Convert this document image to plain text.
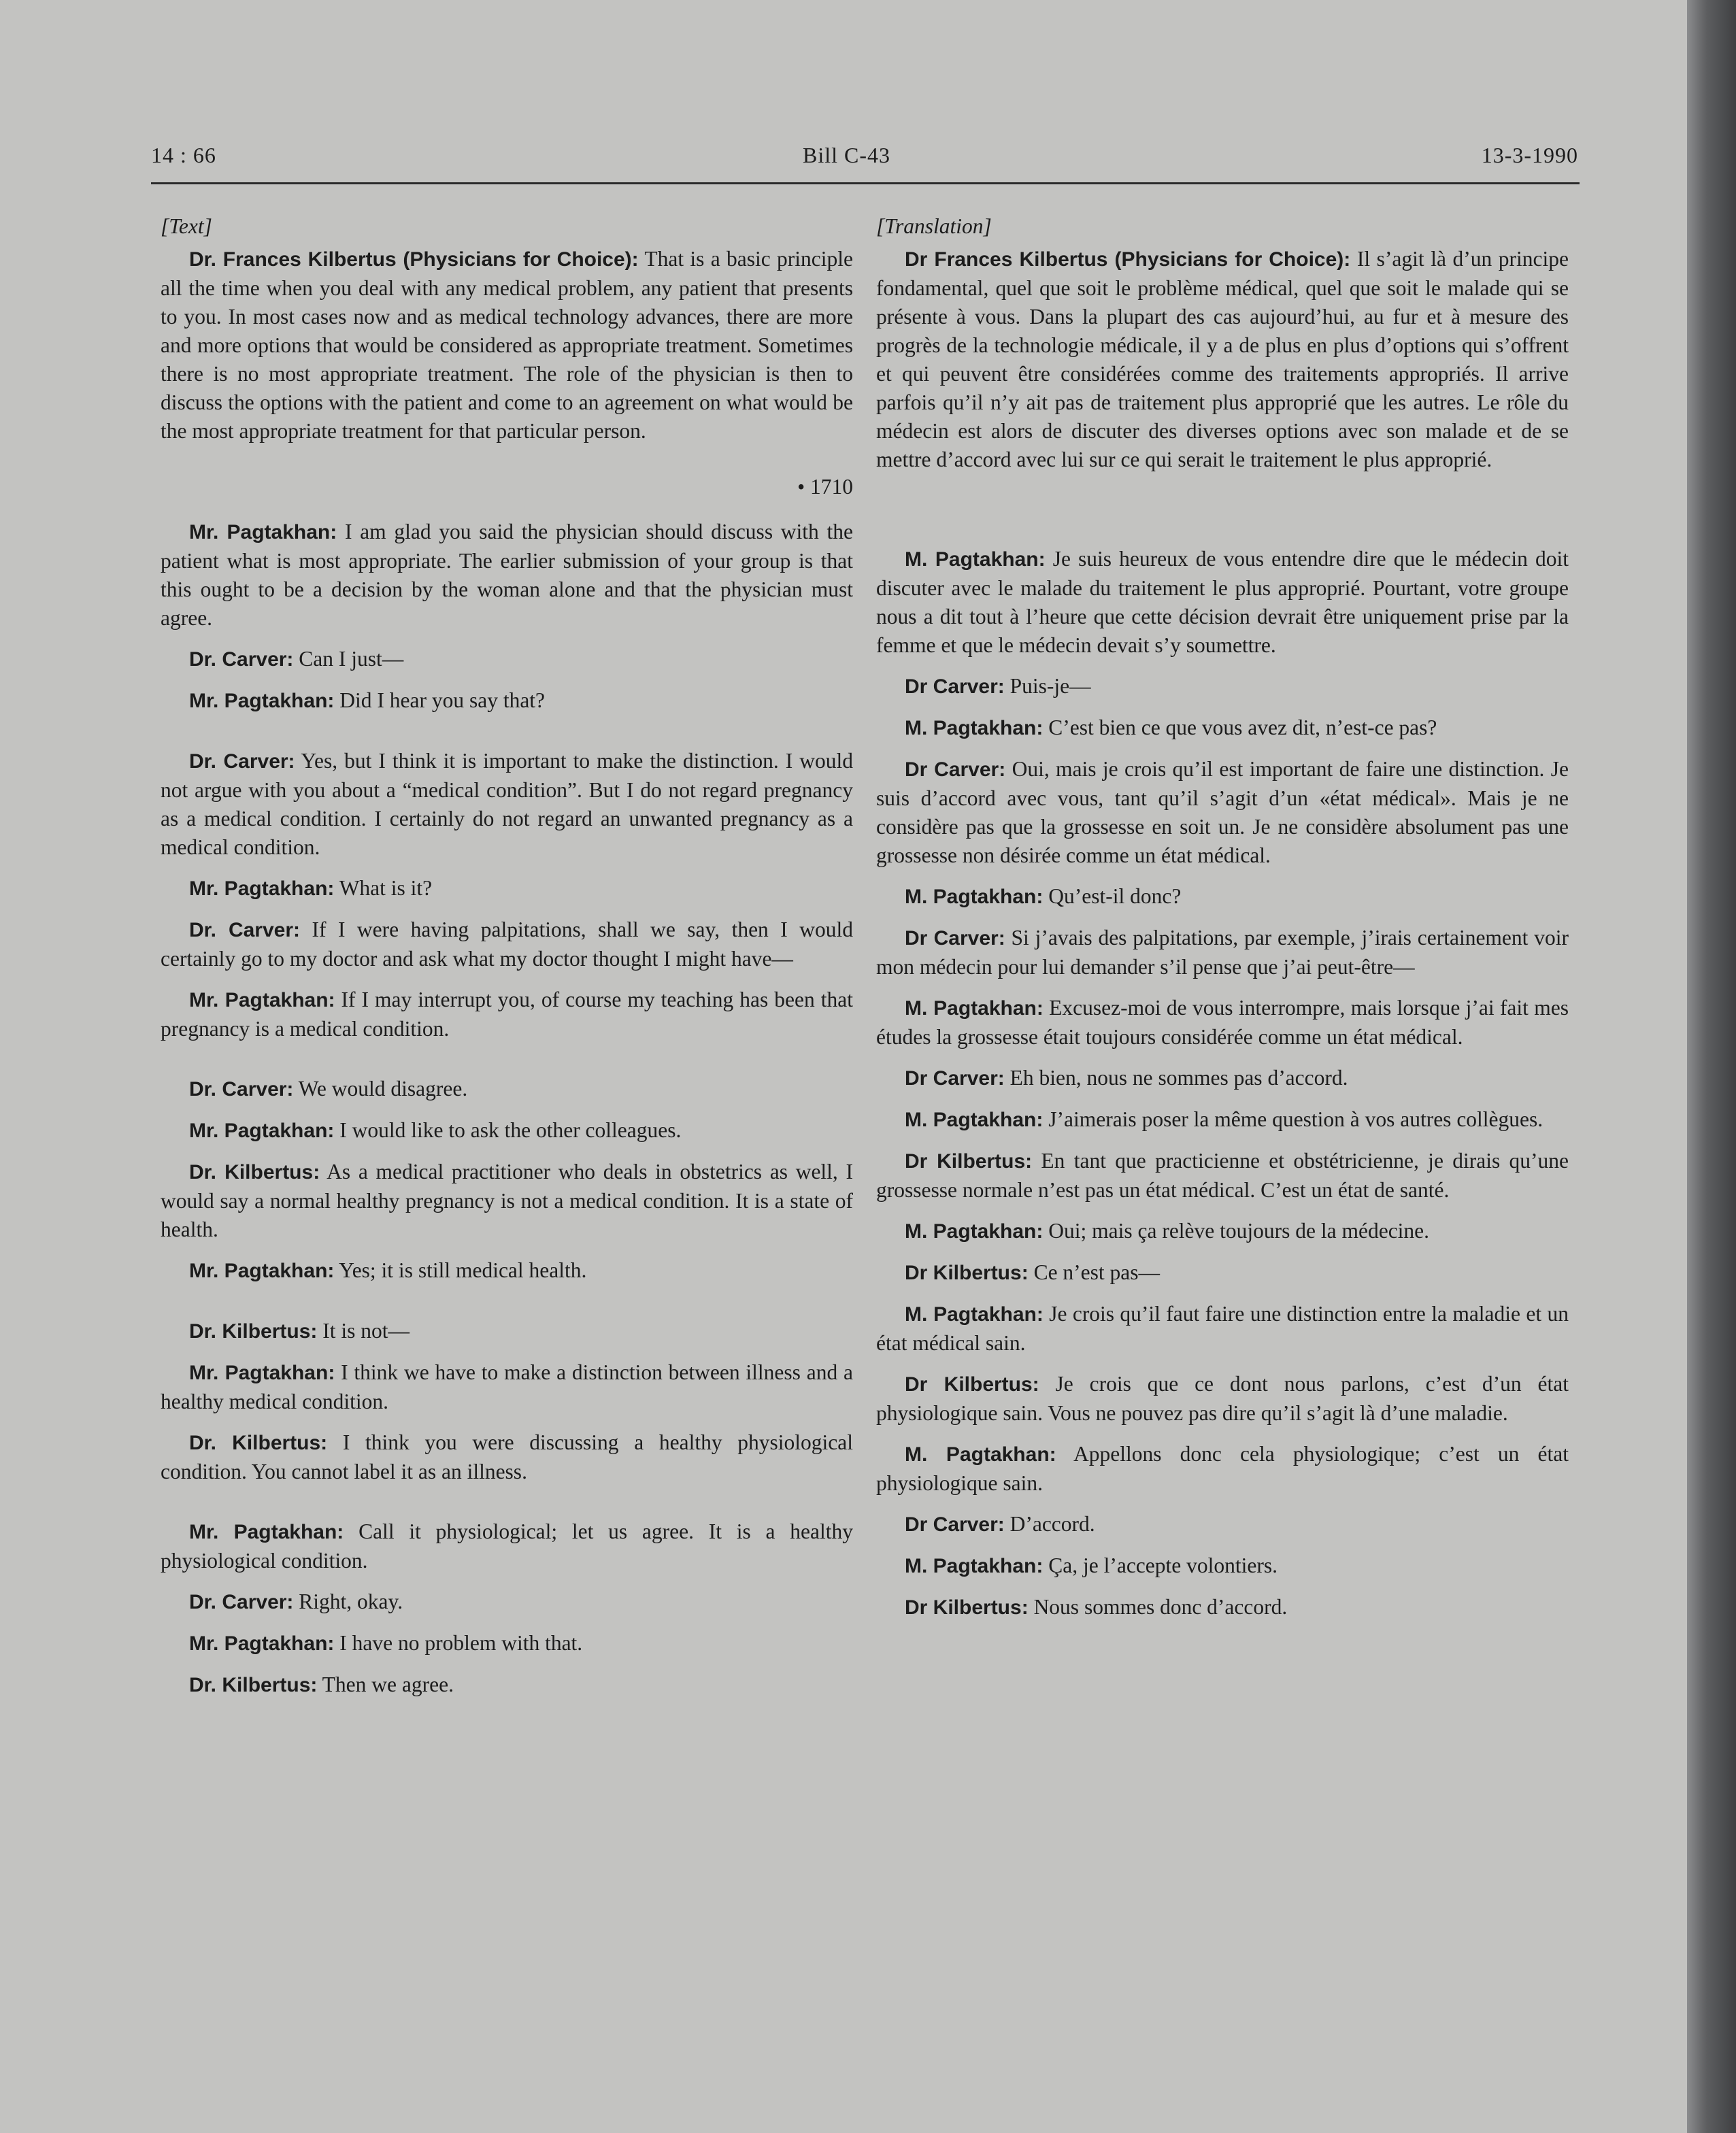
14 : 66	Bill C-43	13-3-1990
[Text]

Dr. Frances Kilbertus (Physicians for Choice): That is a basic principle all the time when you deal with any medical problem, any patient that presents to you. In most cases now and as medical technology advances, there are more and more options that would be considered as appropriate treatment. Sometimes there is no most appropriate treatment. The role of the physician is then to discuss the options with the patient and come to an agreement on what would be the most appropriate treatment for that particular person.

• 1710

Mr. Pagtakhan: I am glad you said the physician should discuss with the patient what is most appropriate. The earlier submission of your group is that this ought to be a decision by the woman alone and that the physician must agree.

Dr. Carver: Can I just—

Mr. Pagtakhan: Did I hear you say that?

Dr. Carver: Yes, but I think it is important to make the distinction. I would not argue with you about a “medical condition”. But I do not regard pregnancy as a medical condition. I certainly do not regard an unwanted pregnancy as a medical condition.

Mr. Pagtakhan: What is it?

Dr. Carver: If I were having palpitations, shall we say, then I would certainly go to my doctor and ask what my doctor thought I might have—

Mr. Pagtakhan: If I may interrupt you, of course my teaching has been that pregnancy is a medical condition.

Dr. Carver: We would disagree.

Mr. Pagtakhan: I would like to ask the other colleagues.

Dr. Kilbertus: As a medical practitioner who deals in obstetrics as well, I would say a normal healthy pregnancy is not a medical condition. It is a state of health.

Mr. Pagtakhan: Yes; it is still medical health.

Dr. Kilbertus: It is not—

Mr. Pagtakhan: I think we have to make a distinction between illness and a healthy medical condition.

Dr. Kilbertus: I think you were discussing a healthy physiological condition. You cannot label it as an illness.

Mr. Pagtakhan: Call it physiological; let us agree. It is a healthy physiological condition.

Dr. Carver: Right, okay.

Mr. Pagtakhan: I have no problem with that.

Dr. Kilbertus: Then we agree.

[Translation]

Dr Frances Kilbertus (Physicians for Choice): Il s’agit là d’un principe fondamental, quel que soit le problème médical, quel que soit le malade qui se présente à vous. Dans la plupart des cas aujourd’hui, au fur et à mesure des progrès de la technologie médicale, il y a de plus en plus d’options qui s’offrent et qui peuvent être considérées comme des traitements appropriés. Il arrive parfois qu’il n’y ait pas de traitement plus approprié que les autres. Le rôle du médecin est alors de discuter des diverses options avec son malade et de se mettre d’accord avec lui sur ce qui serait le traitement le plus approprié.

M. Pagtakhan: Je suis heureux de vous entendre dire que le médecin doit discuter avec le malade du traitement le plus approprié. Pourtant, votre groupe nous a dit tout à l’heure que cette décision devrait être uniquement prise par la femme et que le médecin devait s’y soumettre.

Dr Carver: Puis-je—

M. Pagtakhan: C’est bien ce que vous avez dit, n’est-ce pas?

Dr Carver: Oui, mais je crois qu’il est important de faire une distinction. Je suis d’accord avec vous, tant qu’il s’agit d’un «état médical». Mais je ne considère pas que la grossesse en soit un. Je ne considère absolument pas une grossesse non désirée comme un état médical.

M. Pagtakhan: Qu’est-il donc?

Dr Carver: Si j’avais des palpitations, par exemple, j’irais certainement voir mon médecin pour lui demander s’il pense que j’ai peut-être—

M. Pagtakhan: Excusez-moi de vous interrompre, mais lorsque j’ai fait mes études la grossesse était toujours considérée comme un état médical.

Dr Carver: Eh bien, nous ne sommes pas d’accord.

M. Pagtakhan: J’aimerais poser la même question à vos autres collègues.

Dr Kilbertus: En tant que practicienne et obstétricienne, je dirais qu’une grossesse normale n’est pas un état médical. C’est un état de santé.

M. Pagtakhan: Oui; mais ça relève toujours de la médecine.

Dr Kilbertus: Ce n’est pas—

M. Pagtakhan: Je crois qu’il faut faire une distinction entre la maladie et un état médical sain.

Dr Kilbertus: Je crois que ce dont nous parlons, c’est d’un état physiologique sain. Vous ne pouvez pas dire qu’il s’agit là d’une maladie.

M. Pagtakhan: Appellons donc cela physiologique; c’est un état physiologique sain.

Dr Carver: D’accord.

M. Pagtakhan: Ça, je l’accepte volontiers.

Dr Kilbertus: Nous sommes donc d’accord.
